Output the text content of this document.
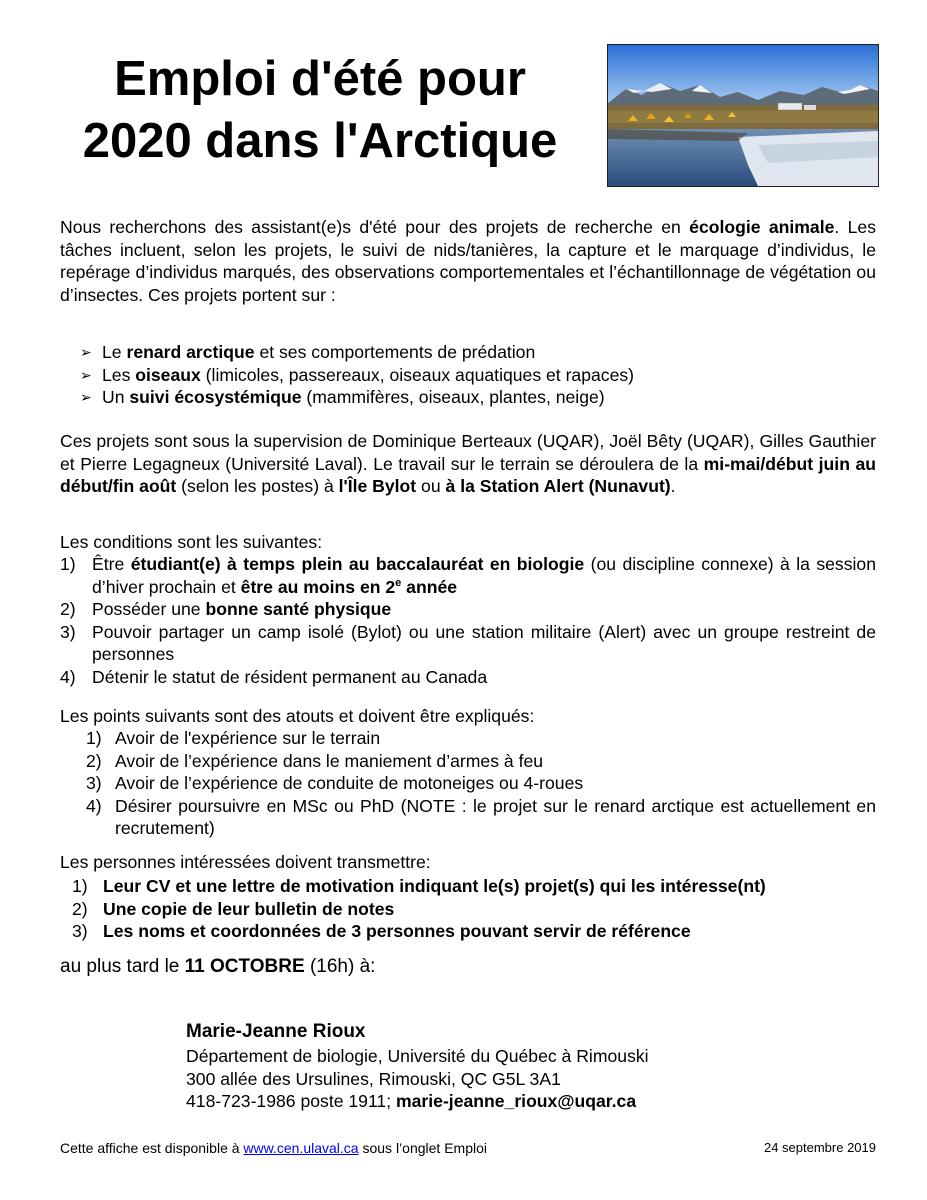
Emploi d'été pour
2020 dans l'Arctique

Nous recherchons des assistant(e)s d'été pour des projets de recherche en écologie animale. Les tâches incluent, selon les projets, le suivi de nids/tanières, la capture et le marquage d’individus, le repérage d’individus marqués, des observations comportementales et l’échantillonnage de végétation ou d’insectes. Ces projets portent sur :

➢ Le renard arctique et ses comportements de prédation
➢ Les oiseaux (limicoles, passereaux, oiseaux aquatiques et rapaces)
➢ Un suivi écosystémique (mammifères, oiseaux, plantes, neige)

Ces projets sont sous la supervision de Dominique Berteaux (UQAR), Joël Bêty (UQAR), Gilles Gauthier et Pierre Legagneux (Université Laval). Le travail sur le terrain se déroulera de la mi-mai/début juin au début/fin août (selon les postes) à l'Île Bylot ou à la Station Alert (Nunavut).

Les conditions sont les suivantes:
1) Être étudiant(e) à temps plein au baccalauréat en biologie (ou discipline connexe) à la session d’hiver prochain et être au moins en 2e année
2) Posséder une bonne santé physique
3) Pouvoir partager un camp isolé (Bylot) ou une station militaire (Alert) avec un groupe restreint de personnes
4) Détenir le statut de résident permanent au Canada
Les points suivants sont des atouts et doivent être expliqués:
1) Avoir de l'expérience sur le terrain
2) Avoir de l’expérience dans le maniement d’armes à feu
3) Avoir de l’expérience de conduite de motoneiges ou 4-roues
4) Désirer poursuivre en MSc ou PhD (NOTE : le projet sur le renard arctique est actuellement en recrutement)
Les personnes intéressées doivent transmettre:
1) Leur CV et une lettre de motivation indiquant le(s) projet(s) qui les intéresse(nt)
2) Une copie de leur bulletin de notes
3) Les noms et coordonnées de 3 personnes pouvant servir de référence
au plus tard le 11 OCTOBRE (16h) à:
Marie-Jeanne Rioux
Département de biologie, Université du Québec à Rimouski
300 allée des Ursulines, Rimouski, QC G5L 3A1
418-723-1986 poste 1911; marie-jeanne_rioux@uqar.ca
Cette affiche est disponible à www.cen.ulaval.ca sous l’onglet Emploi	24 septembre 2019
